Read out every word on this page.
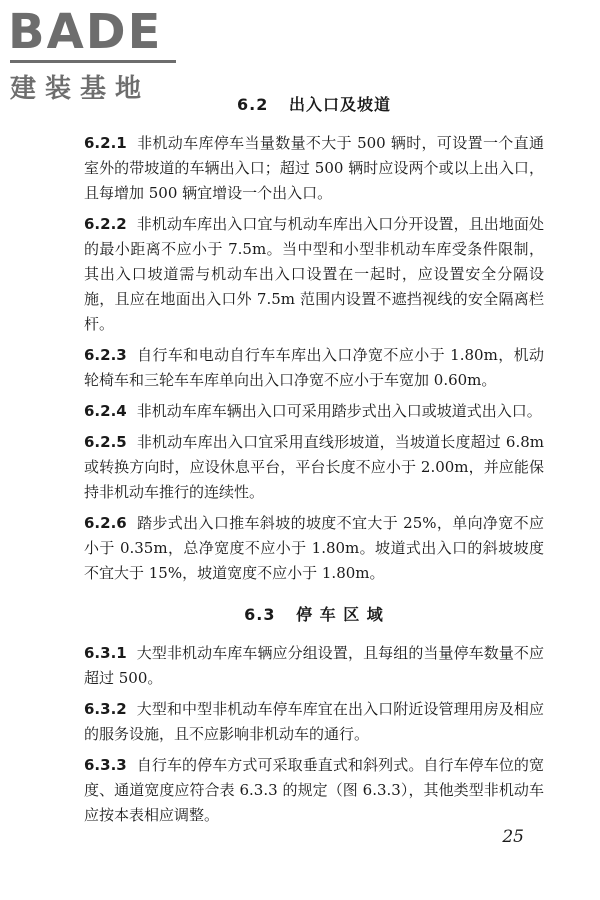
BADE
建装基地
6.2 出入口及坡道

6.2.1 非机动车库停车当量数量不大于 500 辆时，可设置一个直通室外的带坡道的车辆出入口；超过 500 辆时应设两个或以上出入口，且每增加 500 辆宜增设一个出入口。

6.2.2 非机动车库出入口宜与机动车库出入口分开设置，且出地面处的最小距离不应小于 7.5m。当中型和小型非机动车库受条件限制，其出入口坡道需与机动车出入口设置在一起时，应设置安全分隔设施，且应在地面出入口外 7.5m 范围内设置不遮挡视线的安全隔离栏杆。

6.2.3 自行车和电动自行车车库出入口净宽不应小于 1.80m，机动轮椅车和三轮车车库单向出入口净宽不应小于车宽加 0.60m。

6.2.4 非机动车库车辆出入口可采用踏步式出入口或坡道式出入口。

6.2.5 非机动车库出入口宜采用直线形坡道，当坡道长度超过 6.8m 或转换方向时，应设休息平台，平台长度不应小于 2.00m，并应能保持非机动车推行的连续性。

6.2.6 踏步式出入口推车斜坡的坡度不宜大于 25%，单向净宽不应小于 0.35m，总净宽度不应小于 1.80m。坡道式出入口的斜坡坡度不宜大于 15%，坡道宽度不应小于 1.80m。

6.3 停 车 区 域

6.3.1 大型非机动车库车辆应分组设置，且每组的当量停车数量不应超过 500。

6.3.2 大型和中型非机动车停车库宜在出入口附近设管理用房及相应的服务设施，且不应影响非机动车的通行。

6.3.3 自行车的停车方式可采取垂直式和斜列式。自行车停车位的宽度、通道宽度应符合表 6.3.3 的规定（图 6.3.3），其他类型非机动车应按本表相应调整。

25
